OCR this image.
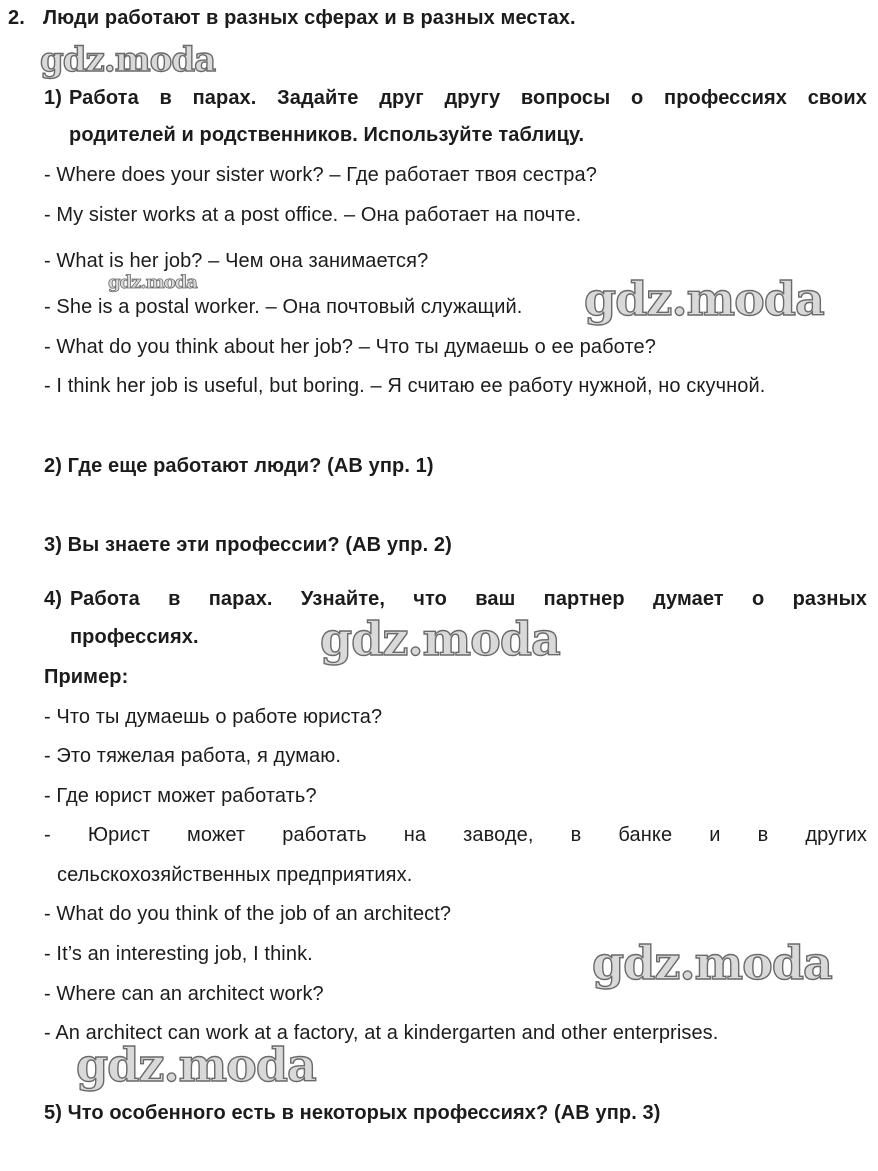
2. Люди работают в разных сферах и в разных местах.
1) Работа в парах. Задайте друг другу вопросы о профессиях своих
родителей и родственников. Используйте таблицу.
- Where does your sister work? – Где работает твоя сестра?
- My sister works at a post office. – Она работает на почте.
- What is her job? – Чем она занимается?
- She is a postal worker. – Она почтовый служащий.
- What do you think about her job? – Что ты думаешь о ее работе?
- I think her job is useful, but boring. – Я считаю ее работу нужной, но скучной.
2) Где еще работают люди? (АВ упр. 1)
3) Вы знаете эти профессии? (АВ упр. 2)
4) Работа в парах. Узнайте, что ваш партнер думает о разных
профессиях.
Пример:
- Что ты думаешь о работе юриста?
- Это тяжелая работа, я думаю.
- Где юрист может работать?
- Юрист может работать на заводе, в банке и в других
сельскохозяйственных предприятиях.
- What do you think of the job of an architect?
- It’s an interesting job, I think.
- Where can an architect work?
- An architect can work at a factory, at a kindergarten and other enterprises.
5) Что особенного есть в некоторых профессиях? (АВ упр. 3)
gdz.moda
gdz.moda	gdz.moda
gdz.moda
gdz.moda
gdz.moda
